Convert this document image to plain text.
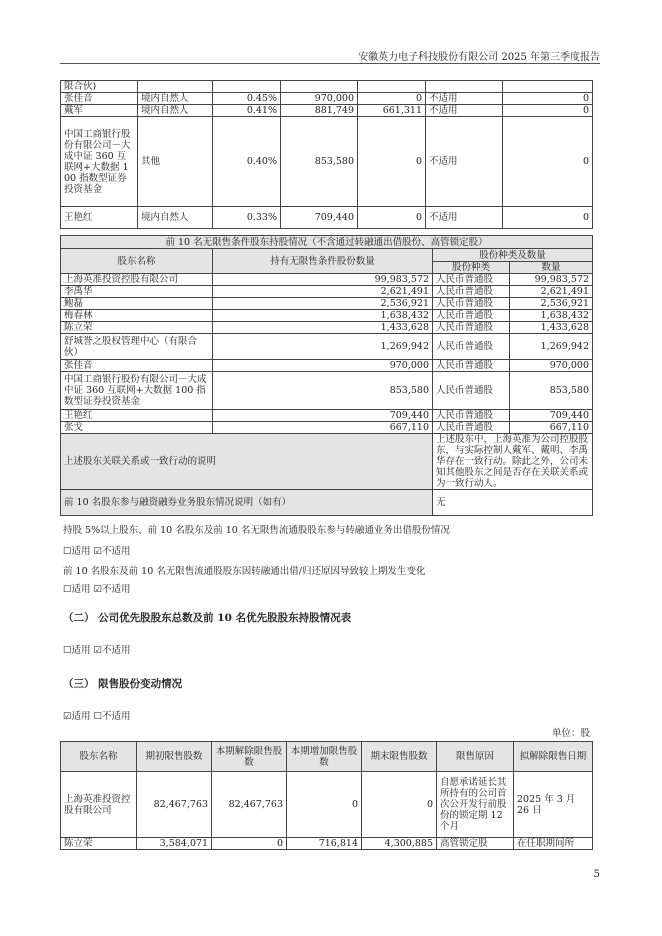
安徽英力电子科技股份有限公司 2025 年第三季度报告
限合伙)						
张佳音	境内自然人	0.45%	970,000	0	不适用	0
戴军	境内自然人	0.41%	881,749	661,311	不适用	0
中国工商银行股份有限公司－大成中证 360 互联网+大数据 100 指数型证券投资基金	其他	0.40%	853,580	0	不适用	0
王艳红	境内自然人	0.33%	709,440	0	不适用	0
前 10 名无限售条件股东持股情况（不含通过转融通出借股份、高管锁定股）			
股东名称	持有无限售条件股份数量	股份种类及数量	
		股份种类	数量
上海英准投资控股有限公司	99,983,572	人民币普通股	99,983,572
李禹华	2,621,491	人民币普通股	2,621,491
鲍磊	2,536,921	人民币普通股	2,536,921
梅春林	1,638,432	人民币普通股	1,638,432
陈立荣	1,433,628	人民币普通股	1,433,628
舒城誉之股权管理中心（有限合伙）	1,269,942	人民币普通股	1,269,942
张佳音	970,000	人民币普通股	970,000
中国工商银行股份有限公司－大成中证 360 互联网+大数据 100 指数型证券投资基金	853,580	人民币普通股	853,580
王艳红	709,440	人民币普通股	709,440
张戈	667,110	人民币普通股	667,110
上述股东关联关系或一致行动的说明		上述股东中，上海英准为公司控股股东，与实际控制人戴军、戴明、李禹华存在一致行动。除此之外，公司未知其他股东之间是否存在关联关系或为一致行动人。	
前 10 名股东参与融资融券业务股东情况说明（如有）		无	
持股 5%以上股东、前 10 名股东及前 10 名无限售流通股股东参与转融通业务出借股份情况
☐适用 ☑不适用
前 10 名股东及前 10 名无限售流通股股东因转融通出借/归还原因导致较上期发生变化
☐适用 ☑不适用
（二） 公司优先股股东总数及前 10 名优先股股东持股情况表
☐适用 ☑不适用
（三） 限售股份变动情况
☑适用 ☐不适用
单位：股
股东名称	期初限售股数	本期解除限售股数	本期增加限售股数	期末限售股数	限售原因	拟解除限售日期
上海英准投资控股有限公司	82,467,763	82,467,763	0	0	自愿承诺延长其所持有的公司首次公开发行前股份的锁定期 12 个月	2025 年 3 月 26 日
陈立荣	3,584,071	0	716,814	4,300,885	高管锁定股	在任职期间所
5
